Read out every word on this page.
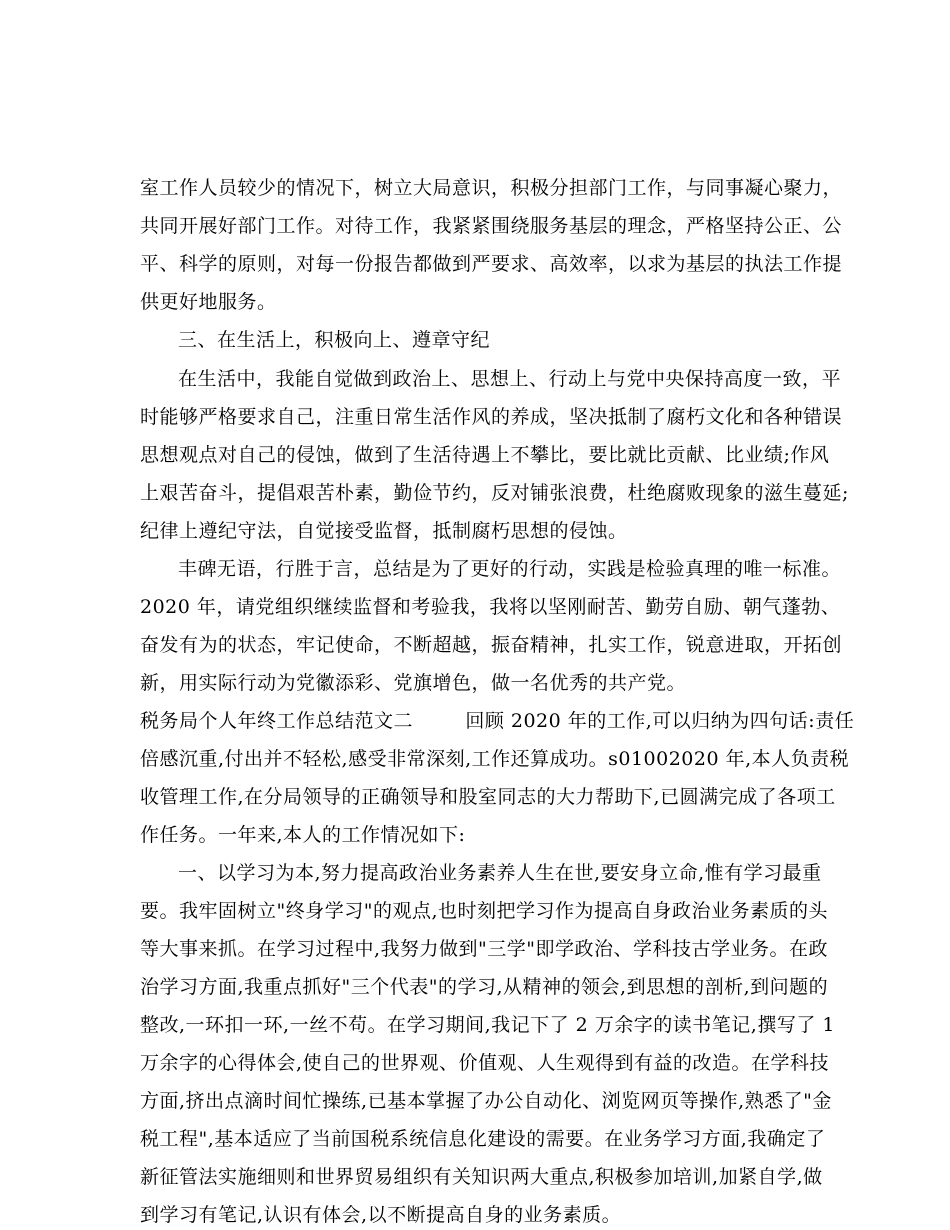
室工作人员较少的情况下，树立大局意识，积极分担部门工作，与同事凝心聚力，
共同开展好部门工作。对待工作，我紧紧围绕服务基层的理念，严格坚持公正、公
平、科学的原则，对每一份报告都做到严要求、高效率，以求为基层的执法工作提
供更好地服务。
三、在生活上，积极向上、遵章守纪
在生活中，我能自觉做到政治上、思想上、行动上与党中央保持高度一致，平
时能够严格要求自己，注重日常生活作风的养成，坚决抵制了腐朽文化和各种错误
思想观点对自己的侵蚀，做到了生活待遇上不攀比，要比就比贡献、比业绩;作风
上艰苦奋斗，提倡艰苦朴素，勤俭节约，反对铺张浪费，杜绝腐败现象的滋生蔓延;
纪律上遵纪守法，自觉接受监督，抵制腐朽思想的侵蚀。
丰碑无语，行胜于言，总结是为了更好的行动，实践是检验真理的唯一标准。
2020 年，请党组织继续监督和考验我，我将以坚刚耐苦、勤劳自励、朝气蓬勃、
奋发有为的状态，牢记使命，不断超越，振奋精神，扎实工作，锐意进取，开拓创
新，用实际行动为党徽添彩、党旗增色，做一名优秀的共产党。
税务局个人年终工作总结范文二        回顾 2020 年的工作,可以归纳为四句话:责任
倍感沉重,付出并不轻松,感受非常深刻,工作还算成功。s01002020 年,本人负责税
收管理工作,在分局领导的正确领导和股室同志的大力帮助下,已圆满完成了各项工
作任务。一年来,本人的工作情况如下:
一、以学习为本,努力提高政治业务素养人生在世,要安身立命,惟有学习最重
要。我牢固树立"终身学习"的观点,也时刻把学习作为提高自身政治业务素质的头
等大事来抓。在学习过程中,我努力做到"三学"即学政治、学科技古学业务。在政
治学习方面,我重点抓好"三个代表"的学习,从精神的领会,到思想的剖析,到问题的
整改,一环扣一环,一丝不苟。在学习期间,我记下了 2 万余字的读书笔记,撰写了 1
万余字的心得体会,使自己的世界观、价值观、人生观得到有益的改造。在学科技
方面,挤出点滴时间忙操练,已基本掌握了办公自动化、浏览网页等操作,熟悉了"金
税工程",基本适应了当前国税系统信息化建设的需要。在业务学习方面,我确定了
新征管法实施细则和世界贸易组织有关知识两大重点,积极参加培训,加紧自学,做
到学习有笔记,认识有体会,以不断提高自身的业务素质。
